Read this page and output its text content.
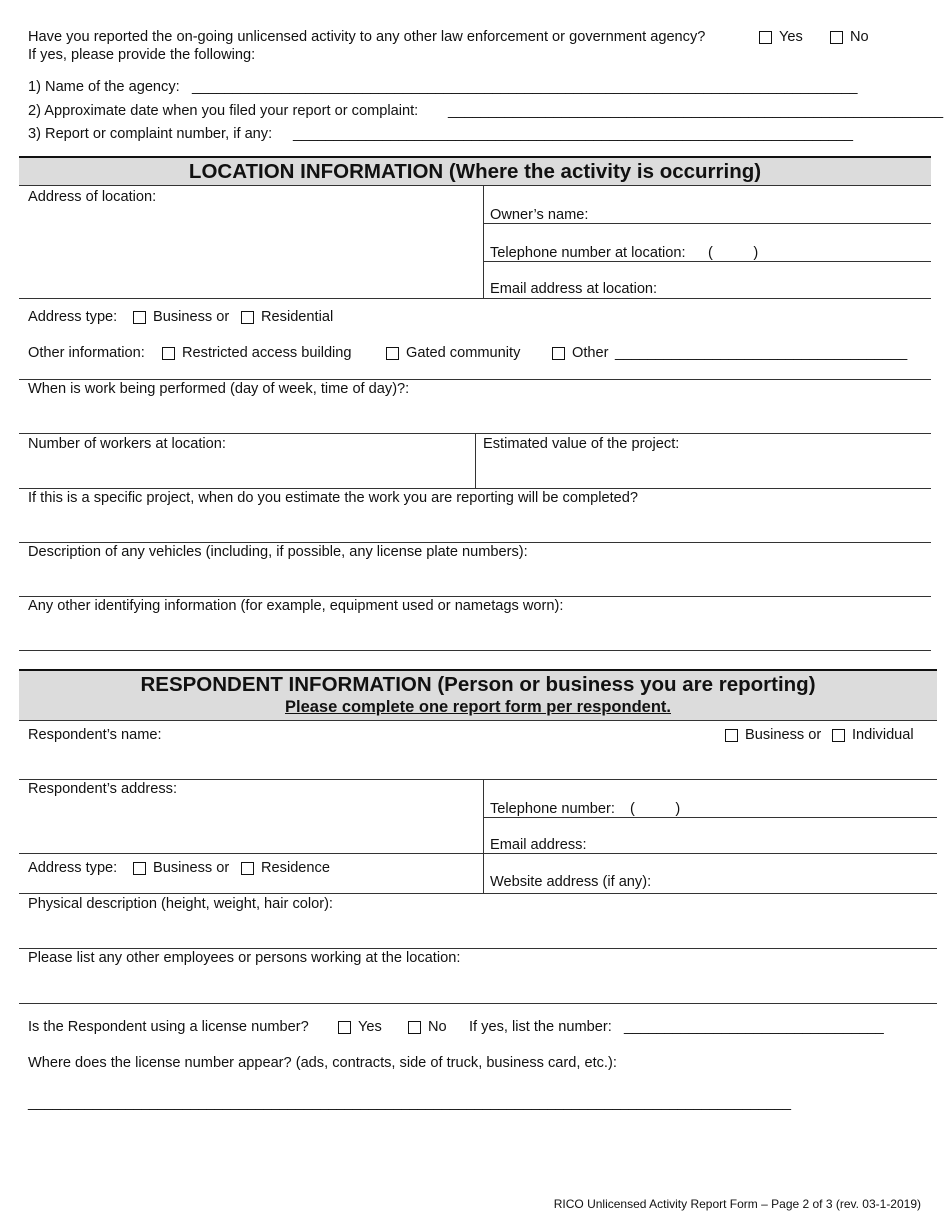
Have you reported the on-going unlicensed activity to any other law enforcement or government agency?	Yes	No
If yes, please provide the following:
1) Name of the agency: __________________________________________________________________________________
2) Approximate date when you filed your report or complaint: _____________________________________________________________
3) Report or complaint number, if any: _____________________________________________________________________
LOCATION INFORMATION (Where the activity is occurring)
Address of location:
Owner’s name:
Telephone number at location: (          )
Email address at location:
Address type: Business or Residential
Other information:	Restricted access building	Gated community	Other ____________________________________
When is work being performed (day of week, time of day)?:
Number of workers at location:	Estimated value of the project:
If this is a specific project, when do you estimate the work you are reporting will be completed?
Description of any vehicles (including, if possible, any license plate numbers):
Any other identifying information (for example, equipment used or nametags worn):
RESPONDENT INFORMATION (Person or business you are reporting)
Please complete one report form per respondent.
Respondent’s name:	Business or Individual
Respondent’s address:
Telephone number: (          )
Email address:
Address type: Business or Residence
Website address (if any):
Physical description (height, weight, hair color):
Please list any other employees or persons working at the location:
Is the Respondent using a license number?	Yes	No If yes, list the number: ________________________________
Where does the license number appear? (ads, contracts, side of truck, business card, etc.):
______________________________________________________________________________________________
RICO Unlicensed Activity Report Form – Page 2 of 3 (rev. 03-1-2019)
